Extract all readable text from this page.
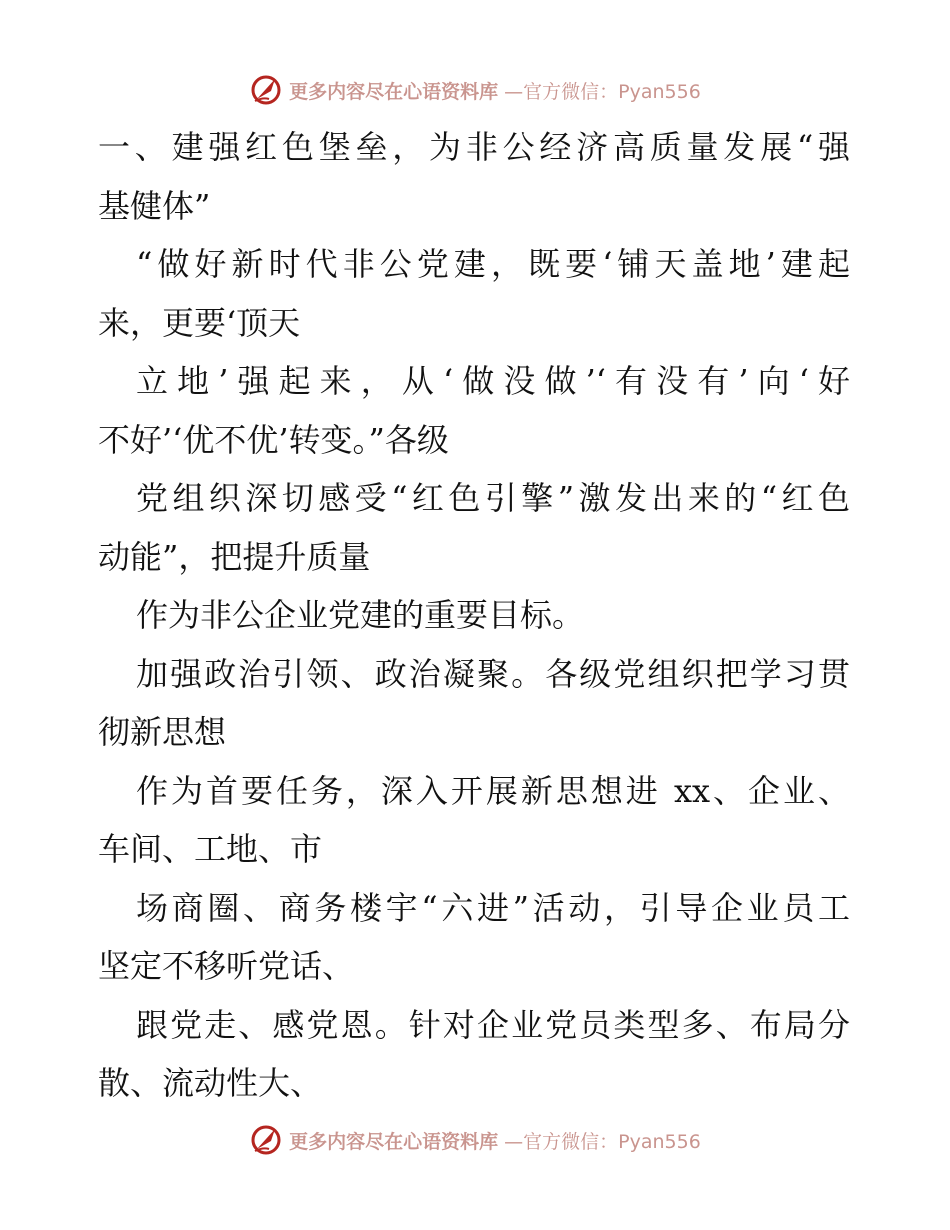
更多内容尽在心语资料库 —官方微信：Pyan556
一、建强红色堡垒，为非公经济高质量发展“强
基健体”
“做好新时代非公党建，既要‘铺天盖地’建起
来，更要‘顶天
立地’强起来，从‘做没做’‘有没有’向‘好
不好’‘优不优’转变。”各级
党组织深切感受“红色引擎”激发出来的“红色
动能”，把提升质量
作为非公企业党建的重要目标。
加强政治引领、政治凝聚。各级党组织把学习贯
彻新思想
作为首要任务，深入开展新思想进 xx、企业、
车间、工地、市
场商圈、商务楼宇“六进”活动，引导企业员工
坚定不移听党话、
跟党走、感党恩。针对企业党员类型多、布局分
散、流动性大、
更多内容尽在心语资料库 —官方微信：Pyan556
